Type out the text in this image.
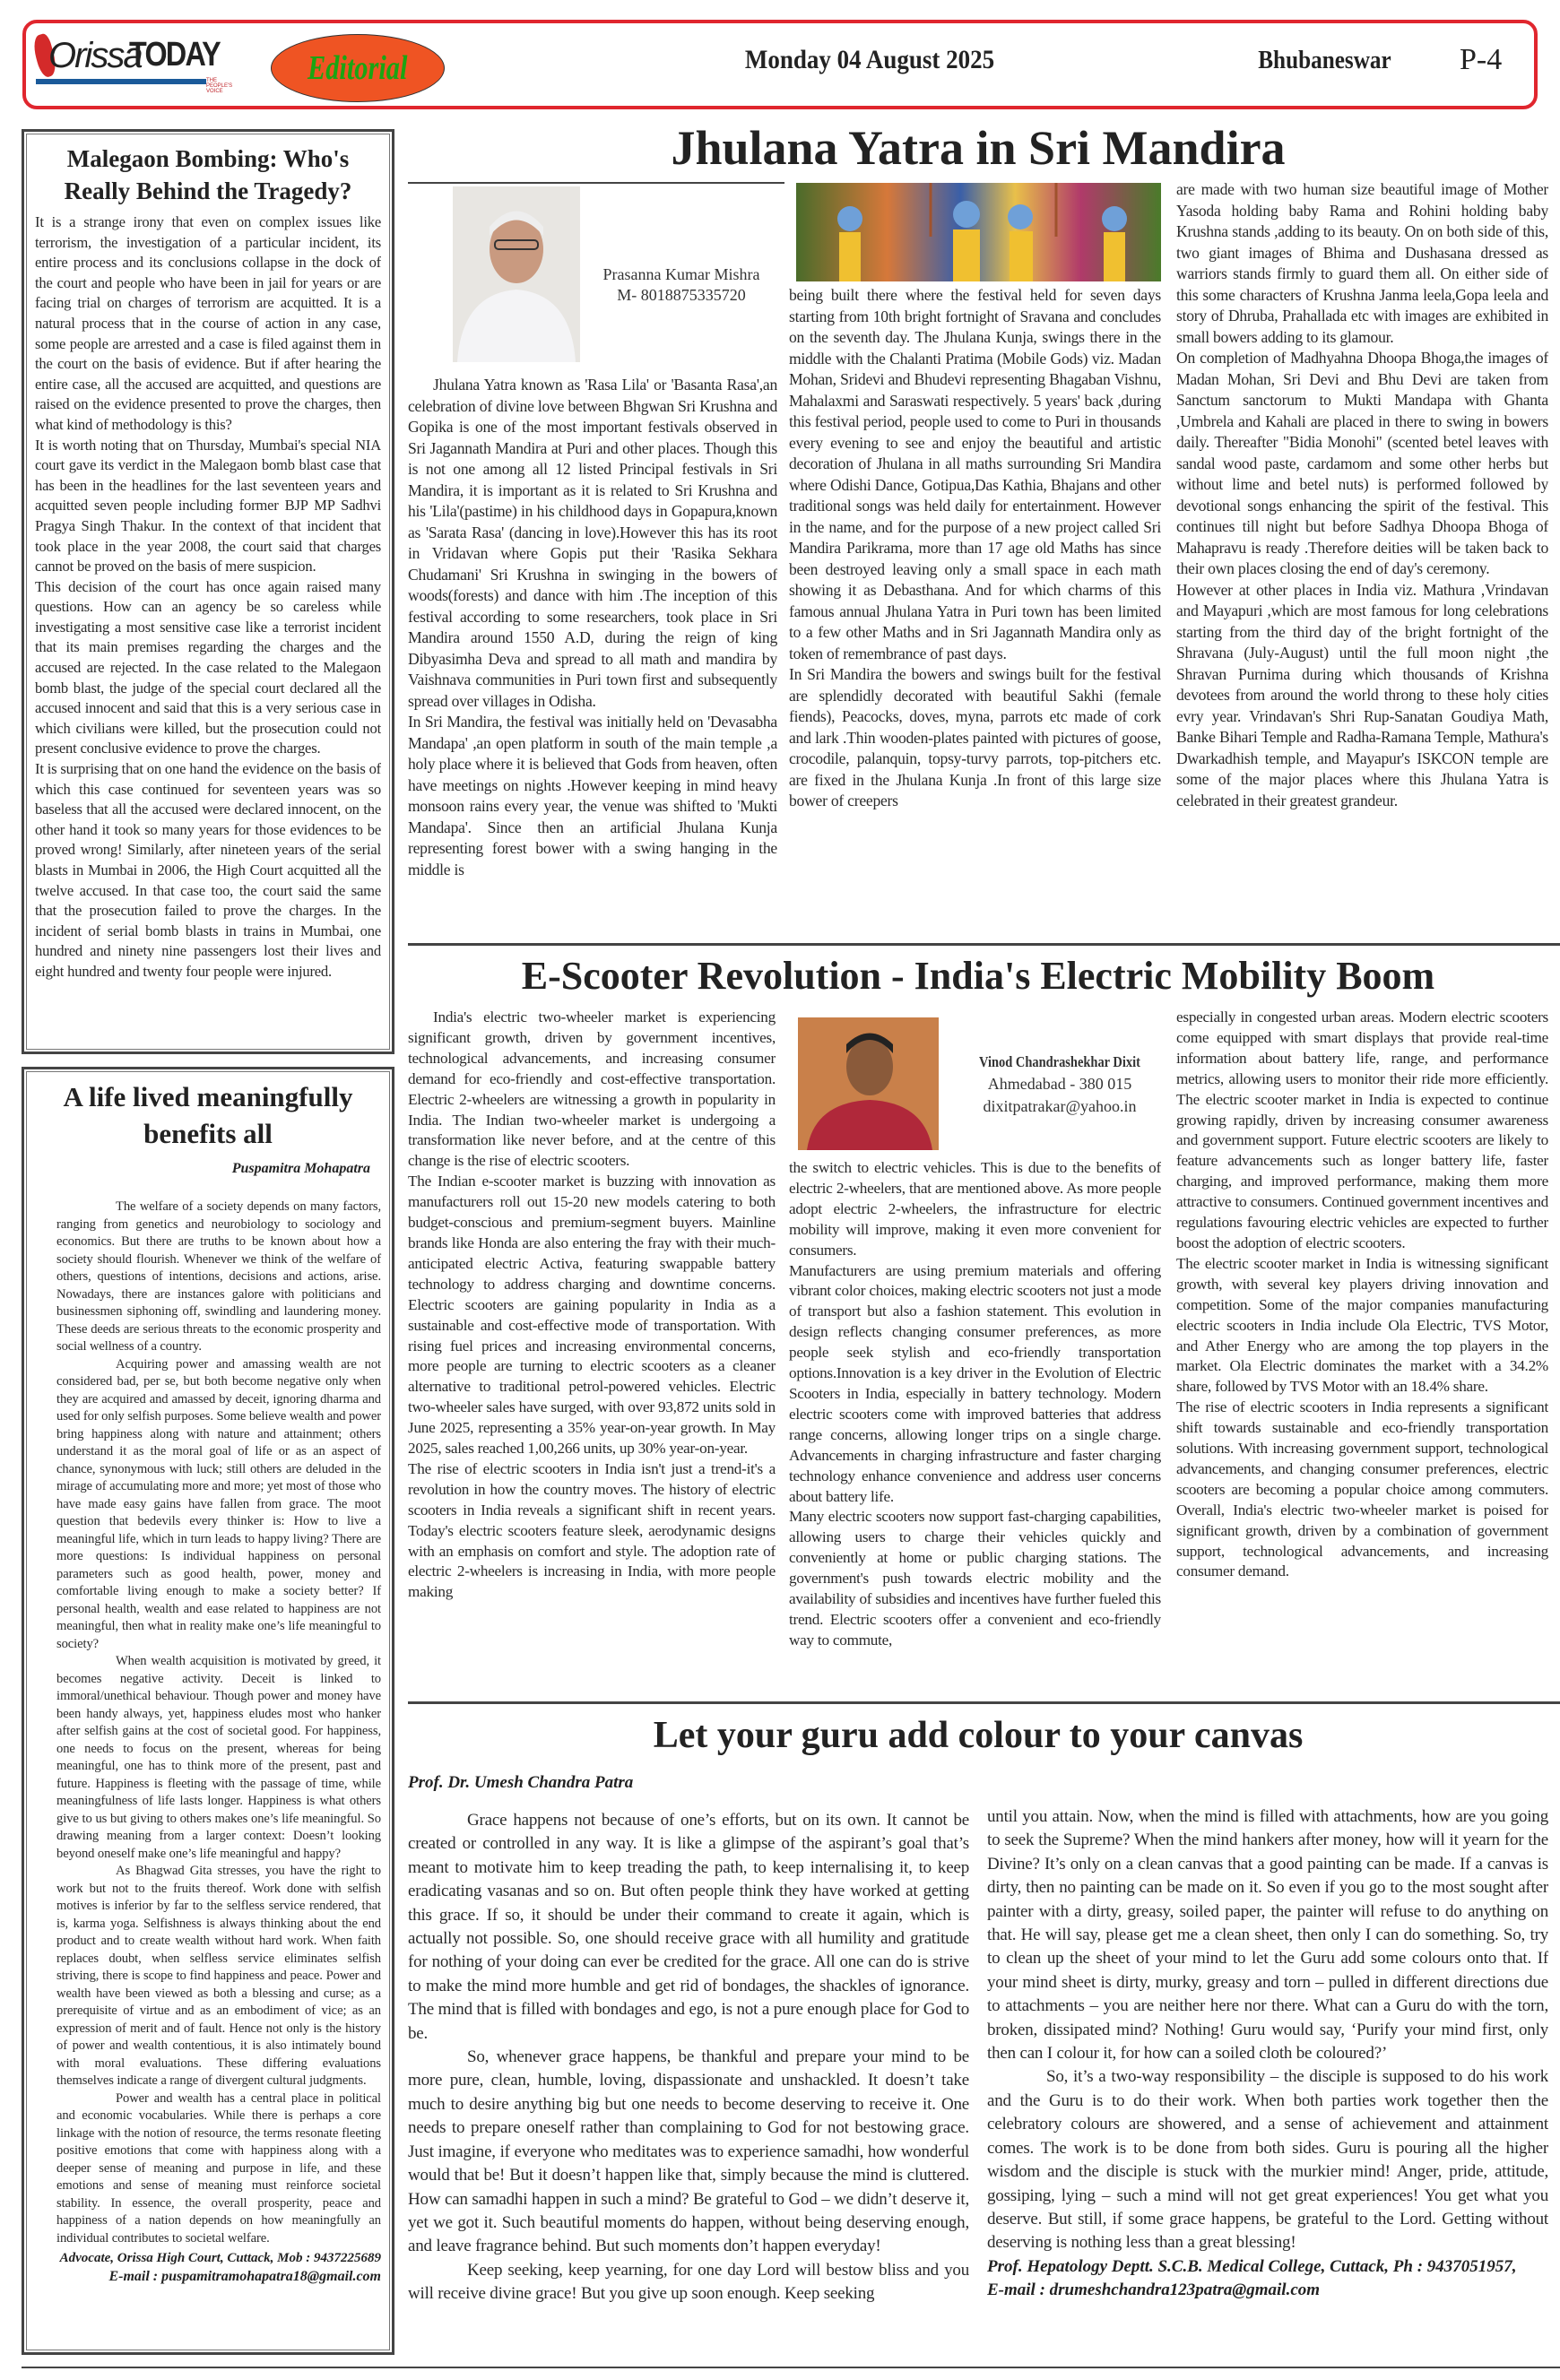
Orissa
TODAY
THE PEOPLE'S VOICE
Editorial	Monday 04 August 2025	Bhubaneswar P-4
Malegaon Bombing: Who's Really Behind the Tragedy?

It is a strange irony that even on complex issues like terrorism, the investigation of a particular incident, its entire process and its conclusions collapse in the dock of the court and people who have been in jail for years or are facing trial on charges of terrorism are acquitted. It is a natural process that in the course of action in any case, some people are arrested and a case is filed against them in the court on the basis of evidence. But if after hearing the entire case, all the accused are acquitted, and questions are raised on the evidence presented to prove the charges, then what kind of methodology is this?

It is worth noting that on Thursday, Mumbai's special NIA court gave its verdict in the Malegaon bomb blast case that has been in the headlines for the last seventeen years and acquitted seven people including former BJP MP Sadhvi Pragya Singh Thakur. In the context of that incident that took place in the year 2008, the court said that charges cannot be proved on the basis of mere suspicion.

This decision of the court has once again raised many questions. How can an agency be so careless while investigating a most sensitive case like a terrorist incident that its main premises regarding the charges and the accused are rejected. In the case related to the Malegaon bomb blast, the judge of the special court declared all the accused innocent and said that this is a very serious case in which civilians were killed, but the prosecution could not present conclusive evidence to prove the charges.

It is surprising that on one hand the evidence on the basis of which this case continued for seventeen years was so baseless that all the accused were declared innocent, on the other hand it took so many years for those evidences to be proved wrong! Similarly, after nineteen years of the serial blasts in Mumbai in 2006, the High Court acquitted all the twelve accused. In that case too, the court said the same that the prosecution failed to prove the charges. In the incident of serial bomb blasts in trains in Mumbai, one hundred and ninety nine passengers lost their lives and eight hundred and twenty four people were injured.

A life lived meaningfully benefits all
Puspamitra Mohapatra

The welfare of a society depends on many factors, ranging from genetics and neurobiology to sociology and economics. But there are truths to be known about how a society should flourish. Whenever we think of the welfare of others, questions of intentions, decisions and actions, arise. Nowadays, there are instances galore with politicians and businessmen siphoning off, swindling and laundering money. These deeds are serious threats to the economic prosperity and social wellness of a country.

Acquiring power and amassing wealth are not considered bad, per se, but both become negative only when they are acquired and amassed by deceit, ignoring dharma and used for only selfish purposes. Some believe wealth and power bring happiness along with nature and attainment; others understand it as the moral goal of life or as an aspect of chance, synonymous with luck; still others are deluded in the mirage of accumulating more and more; yet most of those who have made easy gains have fallen from grace. The moot question that bedevils every thinker is: How to live a meaningful life, which in turn leads to happy living? There are more questions: Is individual happiness on personal parameters such as good health, power, money and comfortable living enough to make a society better? If personal health, wealth and ease related to happiness are not meaningful, then what in reality make one’s life meaningful to society?

When wealth acquisition is motivated by greed, it becomes negative activity. Deceit is linked to immoral/unethical behaviour. Though power and money have been handy always, yet, happiness eludes most who hanker after selfish gains at the cost of societal good. For happiness, one needs to focus on the present, whereas for being meaningful, one has to think more of the present, past and future. Happiness is fleeting with the passage of time, while meaningfulness of life lasts longer. Happiness is what others give to us but giving to others makes one’s life meaningful. So drawing meaning from a larger context: Doesn’t looking beyond oneself make one’s life meaningful and happy?

As Bhagwad Gita stresses, you have the right to work but not to the fruits thereof. Work done with selfish motives is inferior by far to the selfless service rendered, that is, karma yoga. Selfishness is always thinking about the end product and to create wealth without hard work. When faith replaces doubt, when selfless service eliminates selfish striving, there is scope to find happiness and peace. Power and wealth have been viewed as both a blessing and curse; as a prerequisite of virtue and as an embodiment of vice; as an expression of merit and of fault. Hence not only is the history of power and wealth contentious, it is also intimately bound with moral evaluations. These differing evaluations themselves indicate a range of divergent cultural judgments.

Power and wealth has a central place in political and economic vocabularies. While there is perhaps a core linkage with the notion of resource, the terms resonate fleeting positive emotions that come with happiness along with a deeper sense of meaning and purpose in life, and these emotions and sense of meaning must reinforce societal stability. In essence, the overall prosperity, peace and happiness of a nation depends on how meaningfully an individual contributes to societal welfare.

Advocate, Orissa High Court, Cuttack, Mob : 9437225689
E-mail : puspamitramohapatra18@gmail.com
Jhulana Yatra in Sri Mandira
Prasanna Kumar Mishra
M- 8018875335720

Jhulana Yatra known as 'Rasa Lila' or 'Basanta Rasa',an celebration of divine love between Bhgwan Sri Krushna and Gopika is one of the most important festivals observed in Sri Jagannath Mandira at Puri and other places. Though this is not one among all 12 listed Principal festivals in Sri Mandira, it is important as it is related to Sri Krushna and his 'Lila'(pastime) in his childhood days in Gopapura,known as 'Sarata Rasa' (dancing in love).However this has its root in Vridavan where Gopis put their 'Rasika Sekhara Chudamani' Sri Krushna in swinging in the bowers of woods(forests) and dance with him .The inception of this festival according to some researchers, took place in Sri Mandira around 1550 A.D, during the reign of king Dibyasimha Deva and spread to all math and mandira by Vaishnava communities in Puri town first and subsequently spread over villages in Odisha.

In Sri Mandira, the festival was initially held on 'Devasabha Mandapa' ,an open platform in south of the main temple ,a holy place where it is believed that Gods from heaven, often have meetings on nights .However keeping in mind heavy monsoon rains every year, the venue was shifted to 'Mukti Mandapa'. Since then an artificial Jhulana Kunja representing forest bower with a swing hanging in the middle is

being built there where the festival held for seven days starting from 10th bright fortnight of Sravana and concludes on the seventh day. The Jhulana Kunja, swings there in the middle with the Chalanti Pratima (Mobile Gods) viz. Madan Mohan, Sridevi and Bhudevi representing Bhagaban Vishnu, Mahalaxmi and Saraswati respectively. 5 years' back ,during this festival period, people used to come to Puri in thousands every evening to see and enjoy the beautiful and artistic decoration of Jhulana in all maths surrounding Sri Mandira where Odishi Dance, Gotipua,Das Kathia, Bhajans and other traditional songs was held daily for entertainment. However in the name, and for the purpose of a new project called Sri Mandira Parikrama, more than 17 age old Maths has since been destroyed leaving only a small space in each math showing it as Debasthana. And for which charms of this famous annual Jhulana Yatra in Puri town has been limited to a few other Maths and in Sri Jagannath Mandira only as token of remembrance of past days.

In Sri Mandira the bowers and swings built for the festival are splendidly decorated with beautiful Sakhi (female fiends), Peacocks, doves, myna, parrots etc made of cork and lark .Thin wooden-plates painted with pictures of goose, crocodile, palanquin, topsy-turvy parrots, top-pitchers etc. are fixed in the Jhulana Kunja .In front of this large size bower of creepers

are made with two human size beautiful image of Mother Yasoda holding baby Rama and Rohini holding baby Krushna stands ,adding to its beauty. On on both side of this, two giant images of Bhima and Dushasana dressed as warriors stands firmly to guard them all. On either side of this some characters of Krushna Janma leela,Gopa leela and story of Dhruba, Prahallada etc with images are exhibited in small bowers adding to its glamour.

On completion of Madhyahna Dhoopa Bhoga,the images of Madan Mohan, Sri Devi and Bhu Devi are taken from Sanctum sanctorum to Mukti Mandapa with Ghanta ,Umbrela and Kahali are placed in there to swing in bowers daily. Thereafter "Bidia Monohi" (scented betel leaves with sandal wood paste, cardamom and some other herbs but without lime and betel nuts) is performed followed by devotional songs enhancing the spirit of the festival. This continues till night but before Sadhya Dhoopa Bhoga of Mahapravu is ready .Therefore deities will be taken back to their own places closing the end of day's ceremony.

However at other places in India viz. Mathura ,Vrindavan and Mayapuri ,which are most famous for long celebrations starting from the third day of the bright fortnight of the Shravana (July-August) until the full moon night ,the Shravan Purnima during which thousands of Krishna devotees from around the world throng to these holy cities evry year. Vrindavan's Shri Rup-Sanatan Goudiya Math, Banke Bihari Temple and Radha-Ramana Temple, Mathura's Dwarkadhish temple, and Mayapur's ISKCON temple are some of the major places where this Jhulana Yatra is celebrated in their greatest grandeur.

E-Scooter Revolution - India's Electric Mobility Boom
Vinod Chandrashekhar Dixit
Ahmedabad - 380 015
dixitpatrakar@yahoo.in

India's electric two-wheeler market is experiencing significant growth, driven by government incentives, technological advancements, and increasing consumer demand for eco-friendly and cost-effective transportation. Electric 2-wheelers are witnessing a growth in popularity in India. The Indian two-wheeler market is undergoing a transformation like never before, and at the centre of this change is the rise of electric scooters.

The Indian e-scooter market is buzzing with innovation as manufacturers roll out 15-20 new models catering to both budget-conscious and premium-segment buyers. Mainline brands like Honda are also entering the fray with their much-anticipated electric Activa, featuring swappable battery technology to address charging and downtime concerns. Electric scooters are gaining popularity in India as a sustainable and cost-effective mode of transportation. With rising fuel prices and increasing environmental concerns, more people are turning to electric scooters as a cleaner alternative to traditional petrol-powered vehicles. Electric two-wheeler sales have surged, with over 93,872 units sold in June 2025, representing a 35% year-on-year growth. In May 2025, sales reached 1,00,266 units, up 30% year-on-year.

The rise of electric scooters in India isn't just a trend-it's a revolution in how the country moves. The history of electric scooters in India reveals a significant shift in recent years. Today's electric scooters feature sleek, aerodynamic designs with an emphasis on comfort and style. The adoption rate of electric 2-wheelers is increasing in India, with more people making

the switch to electric vehicles. This is due to the benefits of electric 2-wheelers, that are mentioned above. As more people adopt electric 2-wheelers, the infrastructure for electric mobility will improve, making it even more convenient for consumers.

Manufacturers are using premium materials and offering vibrant color choices, making electric scooters not just a mode of transport but also a fashion statement. This evolution in design reflects changing consumer preferences, as more people seek stylish and eco-friendly transportation options.Innovation is a key driver in the Evolution of Electric Scooters in India, especially in battery technology. Modern electric scooters come with improved batteries that address range concerns, allowing longer trips on a single charge. Advancements in charging infrastructure and faster charging technology enhance convenience and address user concerns about battery life.

Many electric scooters now support fast-charging capabilities, allowing users to charge their vehicles quickly and conveniently at home or public charging stations. The government's push towards electric mobility and the availability of subsidies and incentives have further fueled this trend. Electric scooters offer a convenient and eco-friendly way to commute,

especially in congested urban areas. Modern electric scooters come equipped with smart displays that provide real-time information about battery life, range, and performance metrics, allowing users to monitor their ride more efficiently. The electric scooter market in India is expected to continue growing rapidly, driven by increasing consumer awareness and government support. Future electric scooters are likely to feature advancements such as longer battery life, faster charging, and improved performance, making them more attractive to consumers. Continued government incentives and regulations favouring electric vehicles are expected to further boost the adoption of electric scooters.

The electric scooter market in India is witnessing significant growth, with several key players driving innovation and competition. Some of the major companies manufacturing electric scooters in India include Ola Electric, TVS Motor, and Ather Energy who are among the top players in the market. Ola Electric dominates the market with a 34.2% share, followed by TVS Motor with an 18.4% share.

The rise of electric scooters in India represents a significant shift towards sustainable and eco-friendly transportation solutions. With increasing government support, technological advancements, and changing consumer preferences, electric scooters are becoming a popular choice among commuters. Overall, India's electric two-wheeler market is poised for significant growth, driven by a combination of government support, technological advancements, and increasing consumer demand.

Let your guru add colour to your canvas
Prof. Dr. Umesh Chandra Patra

Grace happens not because of one’s efforts, but on its own. It cannot be created or controlled in any way. It is like a glimpse of the aspirant’s goal that’s meant to motivate him to keep treading the path, to keep internalising it, to keep eradicating vasanas and so on. But often people think they have worked at getting this grace. If so, it should be under their command to create it again, which is actually not possible. So, one should receive grace with all humility and gratitude for nothing of your doing can ever be credited for the grace. All one can do is strive to make the mind more humble and get rid of bondages, the shackles of ignorance. The mind that is filled with bondages and ego, is not a pure enough place for God to be.

So, whenever grace happens, be thankful and prepare your mind to be more pure, clean, humble, loving, dispassionate and unshackled. It doesn’t take much to desire anything big but one needs to become deserving to receive it. One needs to prepare oneself rather than complaining to God for not bestowing grace. Just imagine, if everyone who meditates was to experience samadhi, how wonderful would that be! But it doesn’t happen like that, simply because the mind is cluttered. How can samadhi happen in such a mind? Be grateful to God – we didn’t deserve it, yet we got it. Such beautiful moments do happen, without being deserving enough, and leave fragrance behind. But such moments don’t happen everyday!

Keep seeking, keep yearning, for one day Lord will bestow bliss and you will receive divine grace! But you give up soon enough. Keep seeking

until you attain. Now, when the mind is filled with attachments, how are you going to seek the Supreme? When the mind hankers after money, how will it yearn for the Divine? It’s only on a clean canvas that a good painting can be made. If a canvas is dirty, then no painting can be made on it. So even if you go to the most sought after painter with a dirty, greasy, soiled paper, the painter will refuse to do anything on that. He will say, please get me a clean sheet, then only I can do something. So, try to clean up the sheet of your mind to let the Guru add some colours onto that. If your mind sheet is dirty, murky, greasy and torn – pulled in different directions due to attachments – you are neither here nor there. What can a Guru do with the torn, broken, dissipated mind? Nothing! Guru would say, ‘Purify your mind first, only then can I colour it, for how can a soiled cloth be coloured?’

So, it’s a two-way responsibility – the disciple is supposed to do his work and the Guru is to do their work. When both parties work together then the celebratory colours are showered, and a sense of achievement and attainment comes. The work is to be done from both sides. Guru is pouring all the higher wisdom and the disciple is stuck with the murkier mind! Anger, pride, attitude, gossiping, lying – such a mind will not get great experiences! You get what you deserve. But still, if some grace happens, be grateful to the Lord. Getting without deserving is nothing less than a great blessing!

Prof. Hepatology Deptt. S.C.B. Medical College, Cuttack, Ph : 9437051957,
E-mail : drumeshchandra123patra@gmail.com
